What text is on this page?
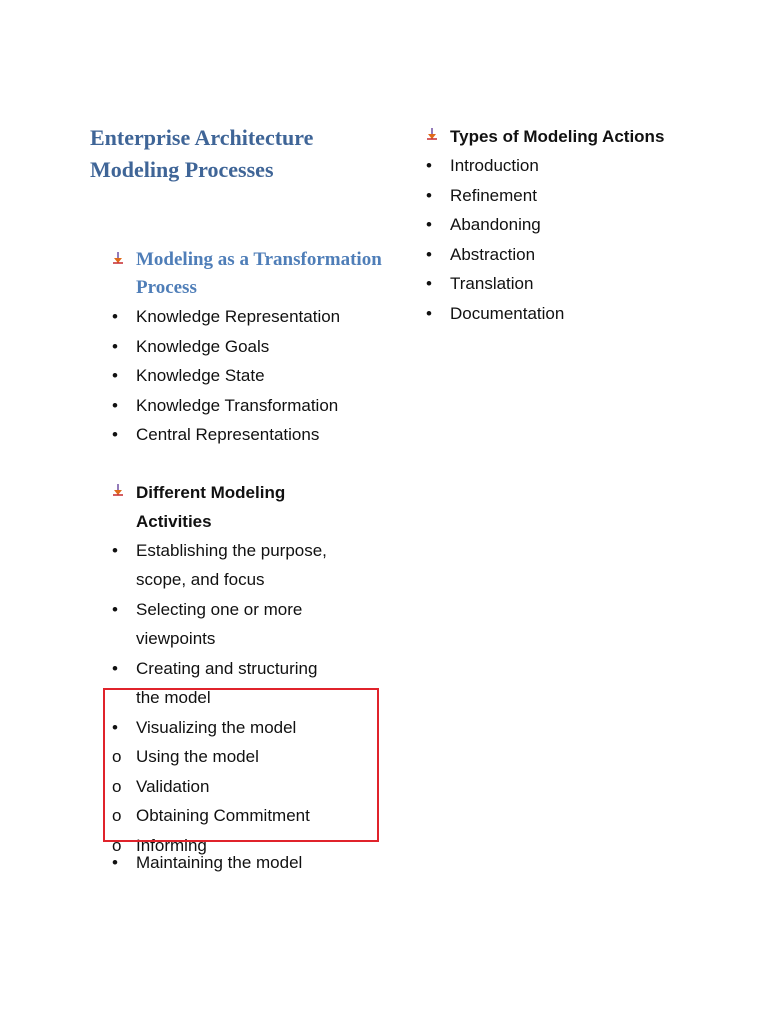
Enterprise Architecture Modeling Processes
Modeling as a Transformation Process
•	Knowledge Representation
•	Knowledge Goals
•	Knowledge State
•	Knowledge Transformation
•	Central Representations
Different Modeling Activities
•	Establishing the purpose, scope, and focus
•	Selecting one or more viewpoints
•	Creating and structuring the model
•	Visualizing the model
o Using the model
o Validation
o Obtaining Commitment
o Informing
•	Maintaining the model
Types of Modeling Actions
•	Introduction
•	Refinement
•	Abandoning
•	Abstraction
•	Translation
•	Documentation
